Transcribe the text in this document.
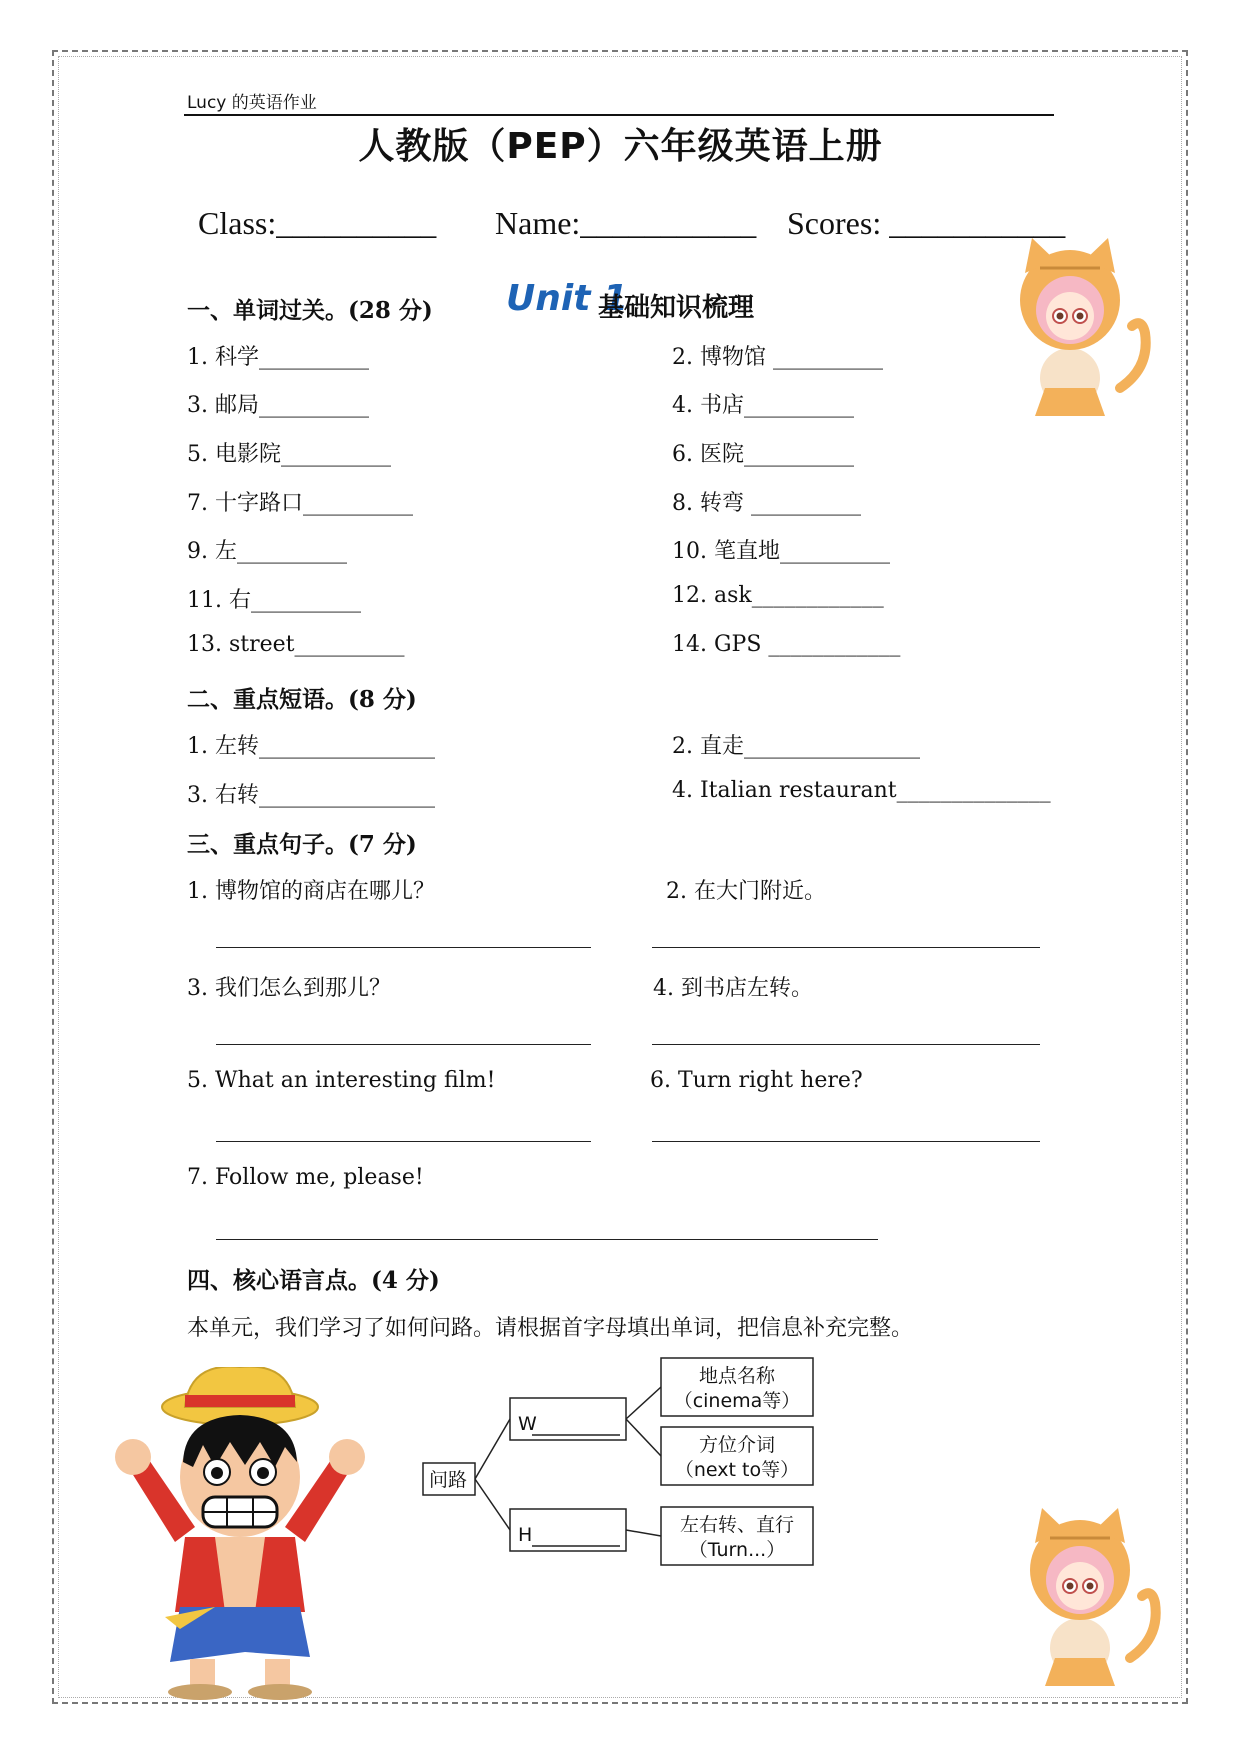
Lucy 的英语作业
人教版（PEP）六年级英语上册
Class:__________ Name:___________ Scores: ___________
一、单词过关。(28 分) Unit 1
基础知识梳理
1. 科学__________	2. 博物馆 __________
3. 邮局__________	4. 书店__________
5. 电影院__________	6. 医院__________
7. 十字路口__________	8. 转弯 __________
9. 左__________	10. 笔直地__________
11. 右__________	12. ask____________
13. street__________	14. GPS ____________
二、重点短语。(8 分)
1. 左转________________	2. 直走________________
3. 右转________________	4. Italian restaurant______________
三、重点句子。(7 分)
1. 博物馆的商店在哪儿？	2. 在大门附近。
3. 我们怎么到那儿？	4. 到书店左转。
5. What an interesting film!	6. Turn right here?
7. Follow me, please!
四、核心语言点。(4 分)
本单元，我们学习了如何问路。请根据首字母填出单词，把信息补充完整。
问路
W
H
地点名称
（cinema等）
方位介词
（next to等）
左右转、直行
（Turn...）
